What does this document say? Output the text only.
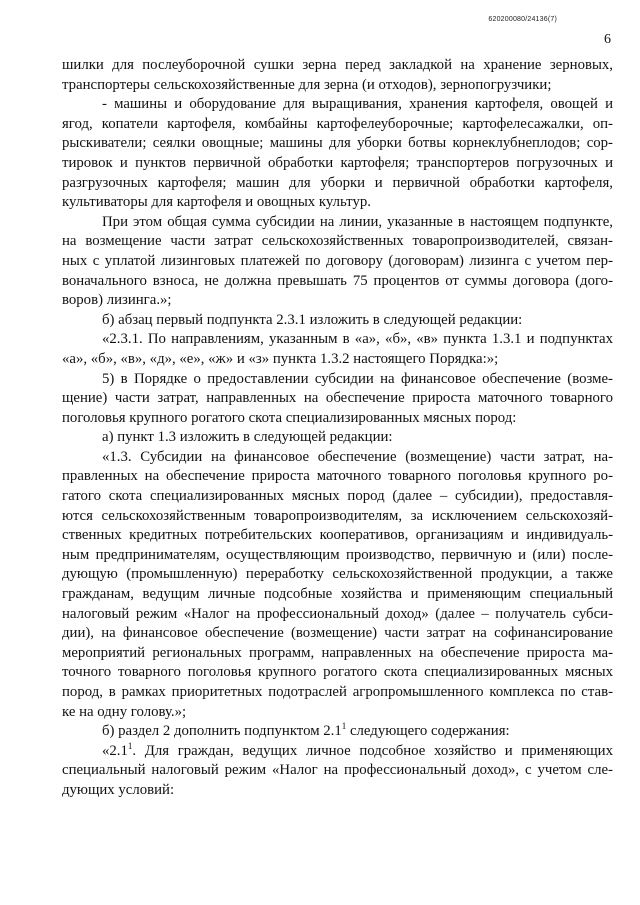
620200080/24136(7)
6
шилки для послеуборочной сушки зерна перед закладкой на хранение зерновых,
транспортеры сельскохозяйственные для зерна (и отходов), зернопогрузчики;
- машины и оборудование для выращивания, хранения картофеля, овощей и
ягод, копатели картофеля, комбайны картофелеуборочные; картофелесажалки, оп-
рыскиватели; сеялки овощные; машины для уборки ботвы корнеклубнеплодов; сор-
тировок и пунктов первичной обработки картофеля; транспортеров погрузочных и
разгрузочных картофеля; машин для уборки и первичной обработки картофеля,
культиваторы для картофеля и овощных культур.
При этом общая сумма субсидии на линии, указанные в настоящем подпункте,
на возмещение части затрат сельскохозяйственных товаропроизводителей, связан-
ных с уплатой лизинговых платежей по договору (договорам) лизинга с учетом пер-
воначального взноса, не должна превышать 75 процентов от суммы договора (дого-
воров) лизинга.»;
б) абзац первый подпункта 2.3.1 изложить в следующей редакции:
«2.3.1. По направлениям, указанным в «а», «б», «в» пункта 1.3.1 и подпунктах
«а», «б», «в», «д», «е», «ж» и «з» пункта 1.3.2 настоящего Порядка:»;
5) в Порядке о предоставлении субсидии на финансовое обеспечение (возме-
щение) части затрат, направленных на обеспечение прироста маточного товарного
поголовья крупного рогатого скота специализированных мясных пород:
а) пункт 1.3 изложить в следующей редакции:
«1.3. Субсидии на финансовое обеспечение (возмещение) части затрат, на-
правленных на обеспечение прироста маточного товарного поголовья крупного ро-
гатого скота специализированных мясных пород (далее – субсидии), предоставля-
ются сельскохозяйственным товаропроизводителям, за исключением сельскохозяй-
ственных кредитных потребительских кооперативов, организациям и индивидуаль-
ным предпринимателям, осуществляющим производство, первичную и (или) после-
дующую (промышленную) переработку сельскохозяйственной продукции, а также
гражданам, ведущим личные подсобные хозяйства и применяющим специальный
налоговый режим «Налог на профессиональный доход» (далее – получатель субси-
дии), на финансовое обеспечение (возмещение) части затрат на софинансирование
мероприятий региональных программ, направленных на обеспечение прироста ма-
точного товарного поголовья крупного рогатого скота специализированных мясных
пород, в рамках приоритетных подотраслей агропромышленного комплекса по став-
ке на одну голову.»;
б) раздел 2 дополнить подпунктом $2.1^1$ следующего содержания:
«$2.1^1$. Для граждан, ведущих личное подсобное хозяйство и применяющих
специальный налоговый режим «Налог на профессиональный доход», с учетом сле-
дующих условий:
